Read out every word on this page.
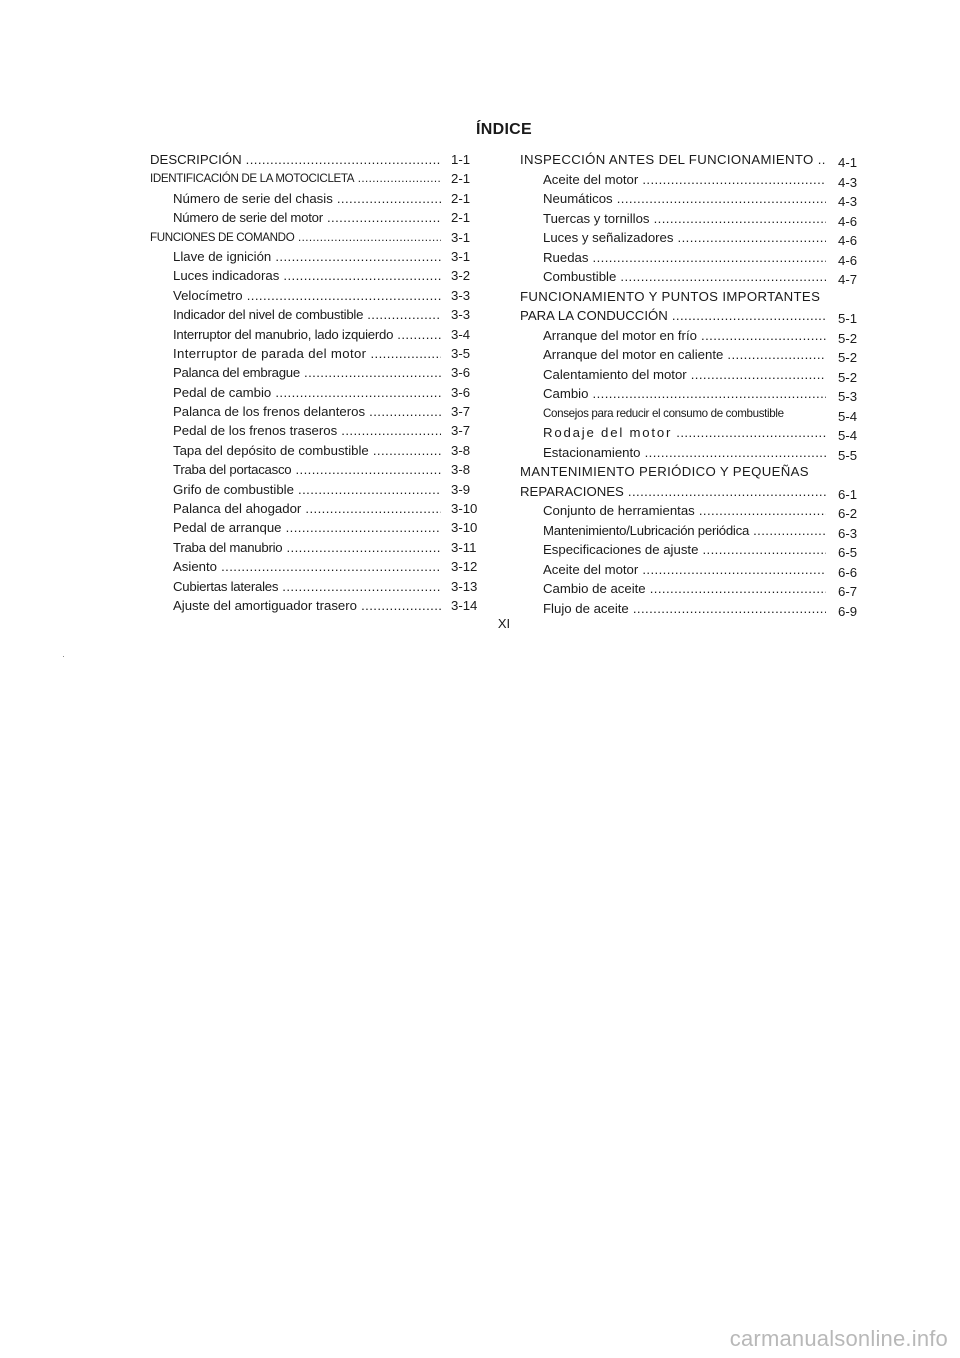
ÍNDICE
DESCRIPCIÓN .....	1-1
IDENTIFICACIÓN DE LA MOTOCICLETA .....	2-1
Número de serie del chasis .....	2-1
Número de serie del motor .....	2-1
FUNCIONES DE COMANDO .....	3-1
Llave de ignición .....	3-1
Luces indicadoras .....	3-2
Velocímetro .....	3-3
Indicador del nivel de combustible .....	3-3
Interruptor del manubrio, lado izquierdo .....	3-4
Interruptor de parada del motor .....	3-5
Palanca del embrague .....	3-6
Pedal de cambio .....	3-6
Palanca de los frenos delanteros .....	3-7
Pedal de los frenos traseros .....	3-7
Tapa del depósito de combustible .....	3-8
Traba del portacasco .....	3-8
Grifo de combustible .....	3-9
Palanca del ahogador .....	3-10
Pedal de arranque .....	3-10
Traba del manubrio .....	3-11
Asiento .....	3-12
Cubiertas laterales .....	3-13
Ajuste del amortiguador trasero .....	3-14
INSPECCIÓN ANTES DEL FUNCIONAMIENTO .....	4-1
Aceite del motor .....	4-3
Neumáticos .....	4-3
Tuercas y tornillos .....	4-6
Luces y señalizadores .....	4-6
Ruedas .....	4-6
Combustible .....	4-7
FUNCIONAMIENTO Y PUNTOS IMPORTANTES
PARA LA CONDUCCIÓN .....	5-1
Arranque del motor en frío .....	5-2
Arranque del motor en caliente .....	5-2
Calentamiento del motor .....	5-2
Cambio .....	5-3
Consejos para reducir el consumo de combustible	5-4
Rodaje del motor .....	5-4
Estacionamiento .....	5-5
MANTENIMIENTO PERIÓDICO Y PEQUEÑAS
REPARACIONES .....	6-1
Conjunto de herramientas .....	6-2
Mantenimiento/Lubricación periódica .....	6-3
Especificaciones de ajuste .....	6-5
Aceite del motor .....	6-6
Cambio de aceite .....	6-7
Flujo de aceite .....	6-9
XI
carmanualsonline.info
